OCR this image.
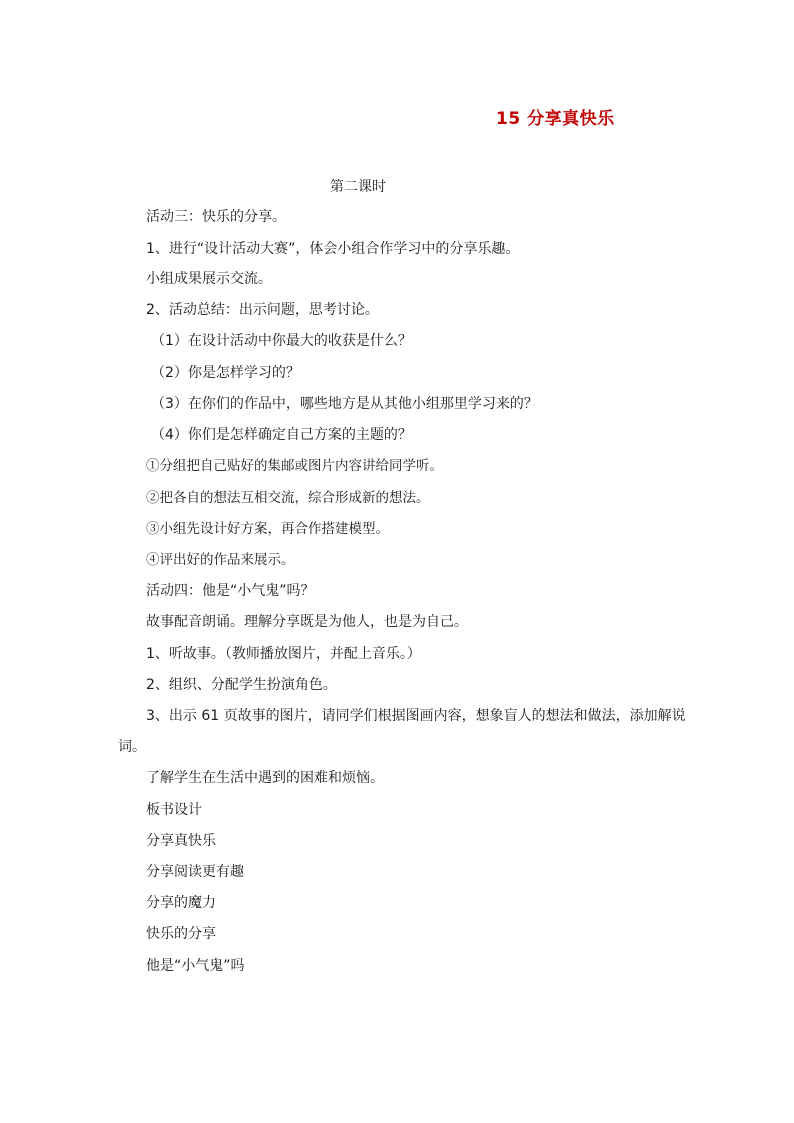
15 分享真快乐
第二课时
活动三：快乐的分享。
1、进行“设计活动大赛”，体会小组合作学习中的分享乐趣。
小组成果展示交流。
2、活动总结：出示问题，思考讨论。
（1）在设计活动中你最大的收获是什么？
（2）你是怎样学习的？
（3）在你们的作品中，哪些地方是从其他小组那里学习来的？
（4）你们是怎样确定自己方案的主题的？
①分组把自己贴好的集邮或图片内容讲给同学听。
②把各自的想法互相交流，综合形成新的想法。
③小组先设计好方案，再合作搭建模型。
④评出好的作品来展示。
活动四：他是“小气鬼”吗？
故事配音朗诵。理解分享既是为他人，也是为自己。
1、听故事。（教师播放图片，并配上音乐。）
2、组织、分配学生扮演角色。
3、出示 61 页故事的图片，请同学们根据图画内容，想象盲人的想法和做法，添加解说
词。
了解学生在生活中遇到的困难和烦恼。
板书设计
分享真快乐
分享阅读更有趣
分享的魔力
快乐的分享
他是“小气鬼”吗
